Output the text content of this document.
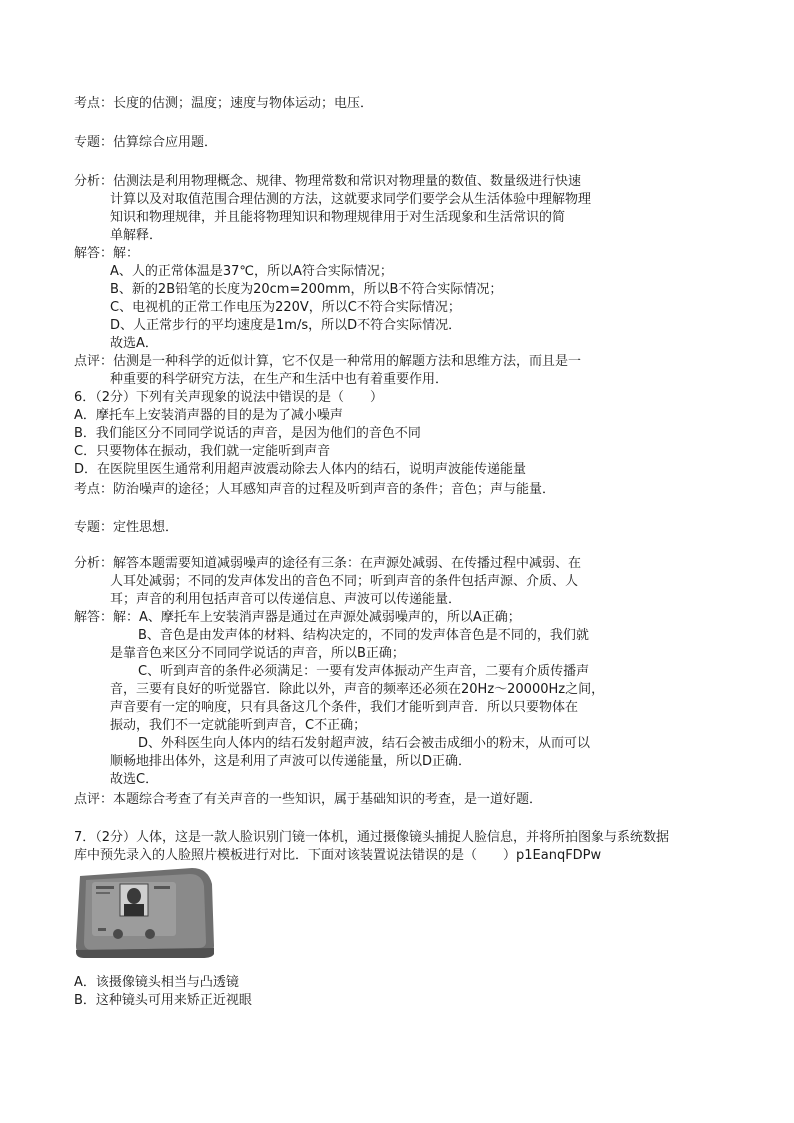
考点：长度的估测；温度；速度与物体运动；电压．
专题：估算综合应用题．
分析：估测法是利用物理概念、规律、物理常数和常识对物理量的数值、数量级进行快速
计算以及对取值范围合理估测的方法，这就要求同学们要学会从生活体验中理解物理
知识和物理规律，并且能将物理知识和物理规律用于对生活现象和生活常识的简
单解释．
解答：解：
A、人的正常体温是37℃，所以A符合实际情况；
B、新的2B铅笔的长度为20cm=200mm，所以B不符合实际情况；
C、电视机的正常工作电压为220V，所以C不符合实际情况；
D、人正常步行的平均速度是1m/s，所以D不符合实际情况．
故选A．
点评：估测是一种科学的近似计算，它不仅是一种常用的解题方法和思维方法，而且是一
种重要的科学研究方法，在生产和生活中也有着重要作用．
6．（2分）下列有关声现象的说法中错误的是（　　）
A．摩托车上安装消声器的目的是为了减小噪声
B．我们能区分不同同学说话的声音，是因为他们的音色不同
C．只要物体在振动，我们就一定能听到声音
D．在医院里医生通常利用超声波震动除去人体内的结石，说明声波能传递能量
考点：防治噪声的途径；人耳感知声音的过程及听到声音的条件；音色；声与能量．
专题：定性思想．
分析：解答本题需要知道减弱噪声的途径有三条：在声源处减弱、在传播过程中减弱、在
人耳处减弱；不同的发声体发出的音色不同；听到声音的条件包括声源、介质、人
耳；声音的利用包括声音可以传递信息、声波可以传递能量．
解答：解：A、摩托车上安装消声器是通过在声源处减弱噪声的，所以A正确；
B、音色是由发声体的材料、结构决定的，不同的发声体音色是不同的，我们就
是靠音色来区分不同同学说话的声音，所以B正确；
C、听到声音的条件必须满足：一要有发声体振动产生声音，二要有介质传播声
音，三要有良好的听觉器官．除此以外，声音的频率还必须在20Hz～20000Hz之间，
声音要有一定的响度，只有具备这几个条件，我们才能听到声音．所以只要物体在
振动，我们不一定就能听到声音，C不正确；
D、外科医生向人体内的结石发射超声波，结石会被击成细小的粉末，从而可以
顺畅地排出体外，这是利用了声波可以传递能量，所以D正确．
故选C．
点评：本题综合考查了有关声音的一些知识，属于基础知识的考查，是一道好题．
7．（2分）人体，这是一款人脸识别门镜一体机，通过摄像镜头捕捉人脸信息，并将所拍图象与系统数据
库中预先录入的人脸照片模板进行对比．下面对该装置说法错误的是（　　）p1EanqFDPw
A．该摄像镜头相当与凸透镜
B．这种镜头可用来矫正近视眼
